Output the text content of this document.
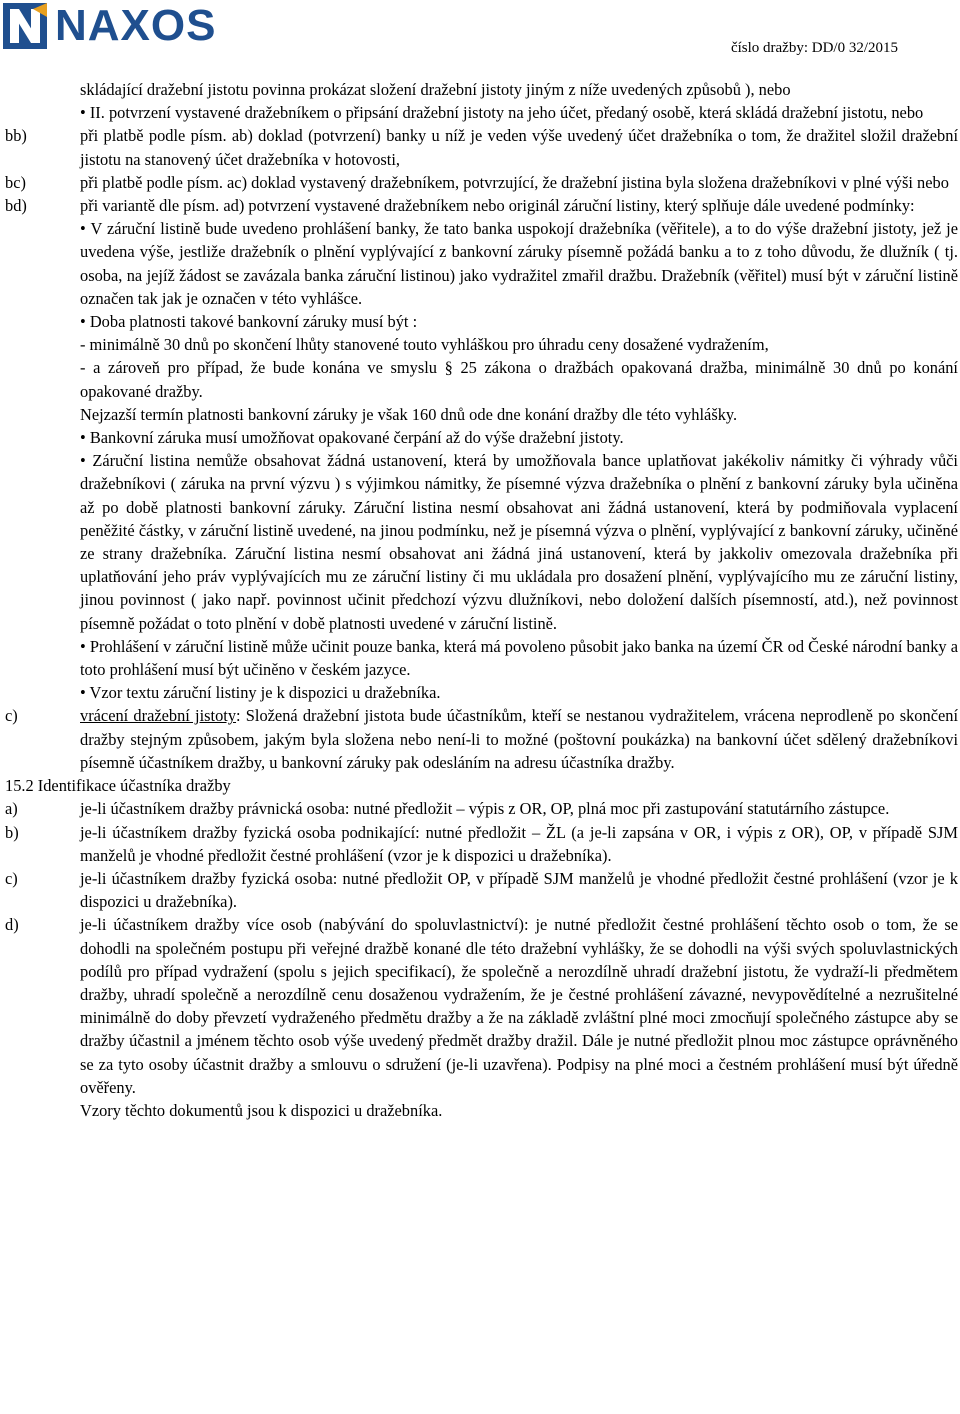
NAXOS	číslo dražby: DD/0 32/2015
skládající dražební jistotu povinna prokázat složení dražební jistoty jiným z níže uvedených způsobů ), nebo
• II. potvrzení vystavené dražebníkem o připsání dražební jistoty na jeho účet, předaný osobě, která skládá dražební jistotu, nebo
bb)	při platbě podle písm. ab) doklad (potvrzení) banky u níž je veden výše uvedený účet dražebníka o tom, že dražitel složil dražební jistotu na stanovený účet dražebníka v hotovosti,
bc)	při platbě podle písm. ac) doklad vystavený dražebníkem, potvrzující, že dražební jistina byla složena dražebníkovi v plné výši nebo
bd)	při variantě dle písm. ad) potvrzení vystavené dražebníkem nebo originál záruční listiny, který splňuje dále uvedené podmínky:

• V záruční listině bude uvedeno prohlášení banky, že tato banka uspokojí dražebníka (věřitele), a to do výše dražební jistoty, jež je uvedena výše, jestliže dražebník o plnění vyplývající z bankovní záruky písemně požádá banku a to z toho důvodu, že dlužník ( tj. osoba, na jejíž žádost se zavázala banka záruční listinou) jako vydražitel zmařil dražbu. Dražebník (věřitel) musí být v záruční listině označen tak jak je označen v této vyhlášce.

• Doba platnosti takové bankovní záruky musí být :

- minimálně 30 dnů po skončení lhůty stanovené touto vyhláškou pro úhradu ceny dosažené vydražením,

- a zároveň pro případ, že bude konána ve smyslu § 25 zákona o dražbách opakovaná dražba, minimálně 30 dnů po konání opakované dražby.

Nejzazší termín platnosti bankovní záruky je však 160 dnů ode dne konání dražby dle této vyhlášky.

• Bankovní záruka musí umožňovat opakované čerpání až do výše dražební jistoty.

• Záruční listina nemůže obsahovat žádná ustanovení, která by umožňovala bance uplatňovat jakékoliv námitky či výhrady vůči dražebníkovi ( záruka na první výzvu ) s výjimkou námitky, že písemné výzva dražebníka o plnění z bankovní záruky byla učiněna až po době platnosti bankovní záruky. Záruční listina nesmí obsahovat ani žádná ustanovení, která by podmiňovala vyplacení peněžité částky, v záruční listině uvedené, na jinou podmínku, než je písemná výzva o plnění, vyplývající z bankovní záruky, učiněné ze strany dražebníka. Záruční listina nesmí obsahovat ani žádná jiná ustanovení, která by jakkoliv omezovala dražebníka při uplatňování jeho práv vyplývajících mu ze záruční listiny či mu ukládala pro dosažení plnění, vyplývajícího mu ze záruční listiny, jinou povinnost ( jako např. povinnost učinit předchozí výzvu dlužníkovi, nebo doložení dalších písemností, atd.), než povinnost písemně požádat o toto plnění v době platnosti uvedené v záruční listině.

• Prohlášení v záruční listině může učinit pouze banka, která má povoleno působit jako banka na území ČR od České národní banky a toto prohlášení musí být učiněno v českém jazyce.

• Vzor textu záruční listiny je k dispozici u dražebníka.

c)	vrácení dražební jistoty: Složená dražební jistota bude účastníkům, kteří se nestanou vydražitelem, vrácena neprodleně po skončení dražby stejným způsobem, jakým byla složena nebo není-li to možné (poštovní poukázka) na bankovní účet sdělený dražebníkovi písemně účastníkem dražby, u bankovní záruky pak odesláním na adresu účastníka dražby.
15.2 Identifikace účastníka dražby
a)	je-li účastníkem dražby právnická osoba: nutné předložit – výpis z OR, OP, plná moc při zastupování statutárního zástupce.
b)	je-li účastníkem dražby fyzická osoba podnikající: nutné předložit – ŽL (a je-li zapsána v OR, i výpis z OR), OP, v případě SJM manželů je vhodné předložit čestné prohlášení (vzor je k dispozici u dražebníka).
c)	je-li účastníkem dražby fyzická osoba: nutné předložit OP, v případě SJM manželů je vhodné předložit čestné prohlášení (vzor je k dispozici u dražebníka).
d)	je-li účastníkem dražby více osob (nabývání do spoluvlastnictví): je nutné předložit čestné prohlášení těchto osob o tom, že se dohodli na společném postupu při veřejné dražbě konané dle této dražební vyhlášky, že se dohodli na výši svých spoluvlastnických podílů pro případ vydražení (spolu s jejich specifikací), že společně a nerozdílně uhradí dražební jistotu, že vydraží-li předmětem dražby, uhradí společně a nerozdílně cenu dosaženou vydražením, že je čestné prohlášení závazné, nevypovědítelné a nezrušitelné minimálně do doby převzetí vydraženého předmětu dražby a že na základě zvláštní plné moci zmocňují společného zástupce aby se dražby účastnil a jménem těchto osob výše uvedený předmět dražby dražil. Dále je nutné předložit plnou moc zástupce oprávněného se za tyto osoby účastnit dražby a smlouvu o sdružení (je-li uzavřena). Podpisy na plné moci a čestném prohlášení musí být úředně ověřeny.
Vzory těchto dokumentů jsou k dispozici u dražebníka.
